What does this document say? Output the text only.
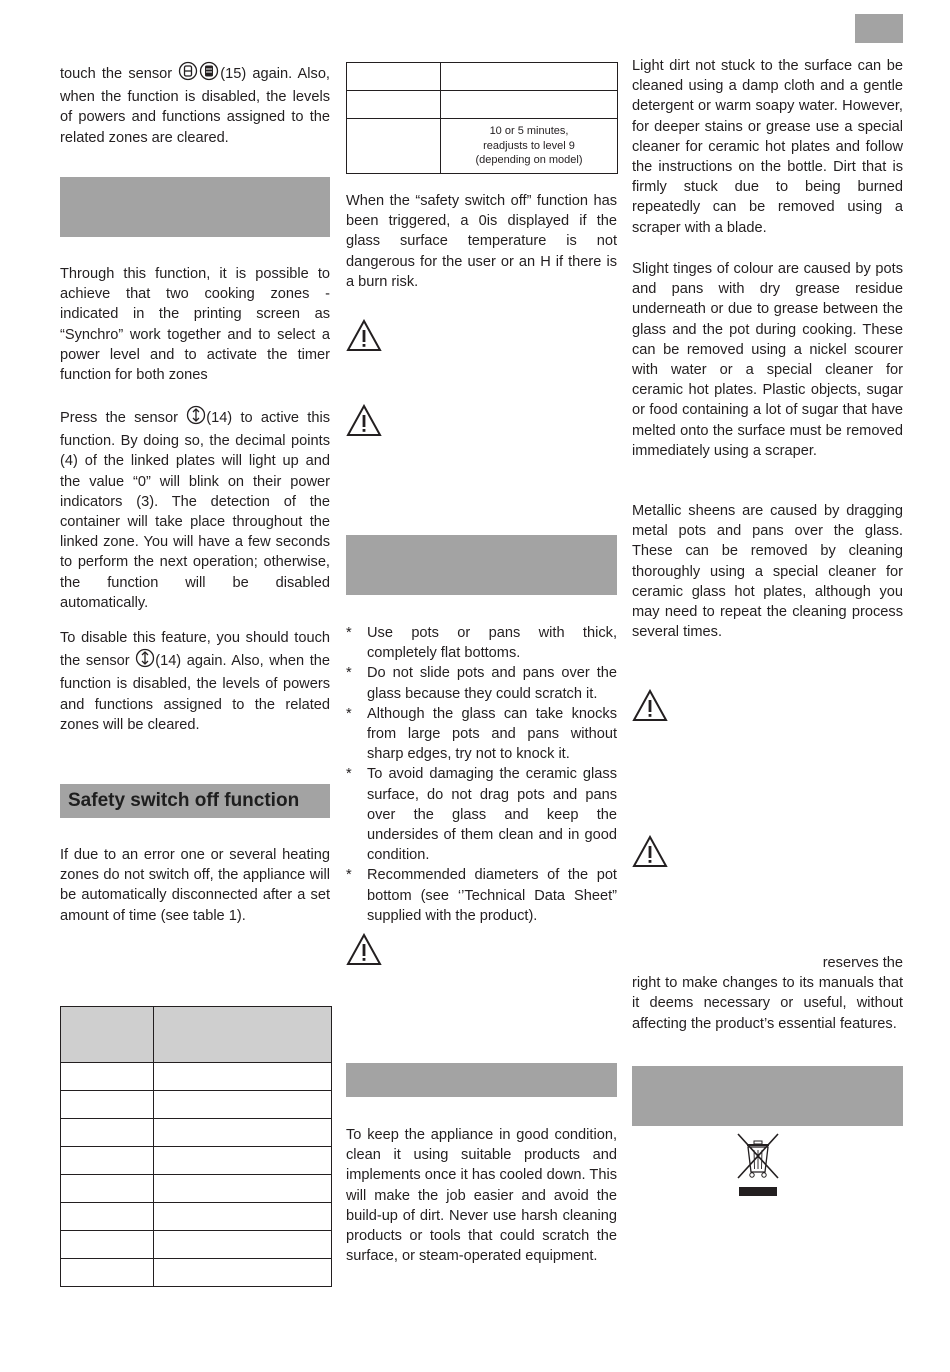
touch the sensor	(15) again. Also, when the function is disabled, the levels of powers and functions assigned to the related zones are cleared.

Through this function, it is possible to achieve that two cooking zones -indicated in the printing screen as “Synchro” work together and to select a power level and to activate the timer function for both zones

Press the sensor (14) to active this function. By doing so, the decimal points (4) of the linked plates will light up and the value “0” will blink on their power indicators (3). The detection of the container will take place throughout the linked zone. You will have a few seconds to perform the next operation; otherwise, the function will be disabled automatically.

To disable this feature, you should touch the sensor (14) again. Also, when the function is disabled, the levels of powers and functions assigned to the related zones will be cleared.

Safety switch off function

If due to an error one or several heating zones do not switch off, the appliance will be automatically disconnected after a set amount of time (see table 1).

	10 or 5 minutes,
readjusts to level 9
(depending on model)

When the “safety switch off” function has been triggered, a 0is displayed if the glass surface temperature is not dangerous for the user or an H if there is a burn risk.

* Use pots or pans with thick, completely flat bottoms.
* Do not slide pots and pans over the glass because they could scratch it.
* Although the glass can take knocks from large pots and pans without sharp edges, try not to knock it.
* To avoid damaging the ceramic glass surface, do not drag pots and pans over the glass and keep the undersides of them clean and in good condition.
* Recommended diameters of the pot bottom (see ‘’Technical Data Sheet” supplied with the product).

To keep the appliance in good condition, clean it using suitable products and implements once it has cooled down. This will make the job easier and avoid the build-up of dirt. Never use harsh cleaning products or tools that could scratch the surface, or steam-operated equipment.

Light dirt not stuck to the surface can be cleaned using a damp cloth and a gentle detergent or warm soapy water. However, for deeper stains or grease use a special cleaner for ceramic hot plates and follow the instructions on the bottle. Dirt that is firmly stuck due to being burned repeatedly can be removed using a scraper with a blade.

Slight tinges of colour are caused by pots and pans with dry grease residue underneath or due to grease between the glass and the pot during cooking. These can be removed using a nickel scourer with water or a special cleaner for ceramic hot plates. Plastic objects, sugar or food containing a lot of sugar that have melted onto the surface must be removed immediately using a scraper.

Metallic sheens are caused by dragging metal pots and pans over the glass. These can be removed by cleaning thoroughly using a special cleaner for ceramic glass hot plates, although you may need to repeat the cleaning process several times.

reserves the

right to make changes to its manuals that it deems necessary or useful, without affecting the product’s essential features.
